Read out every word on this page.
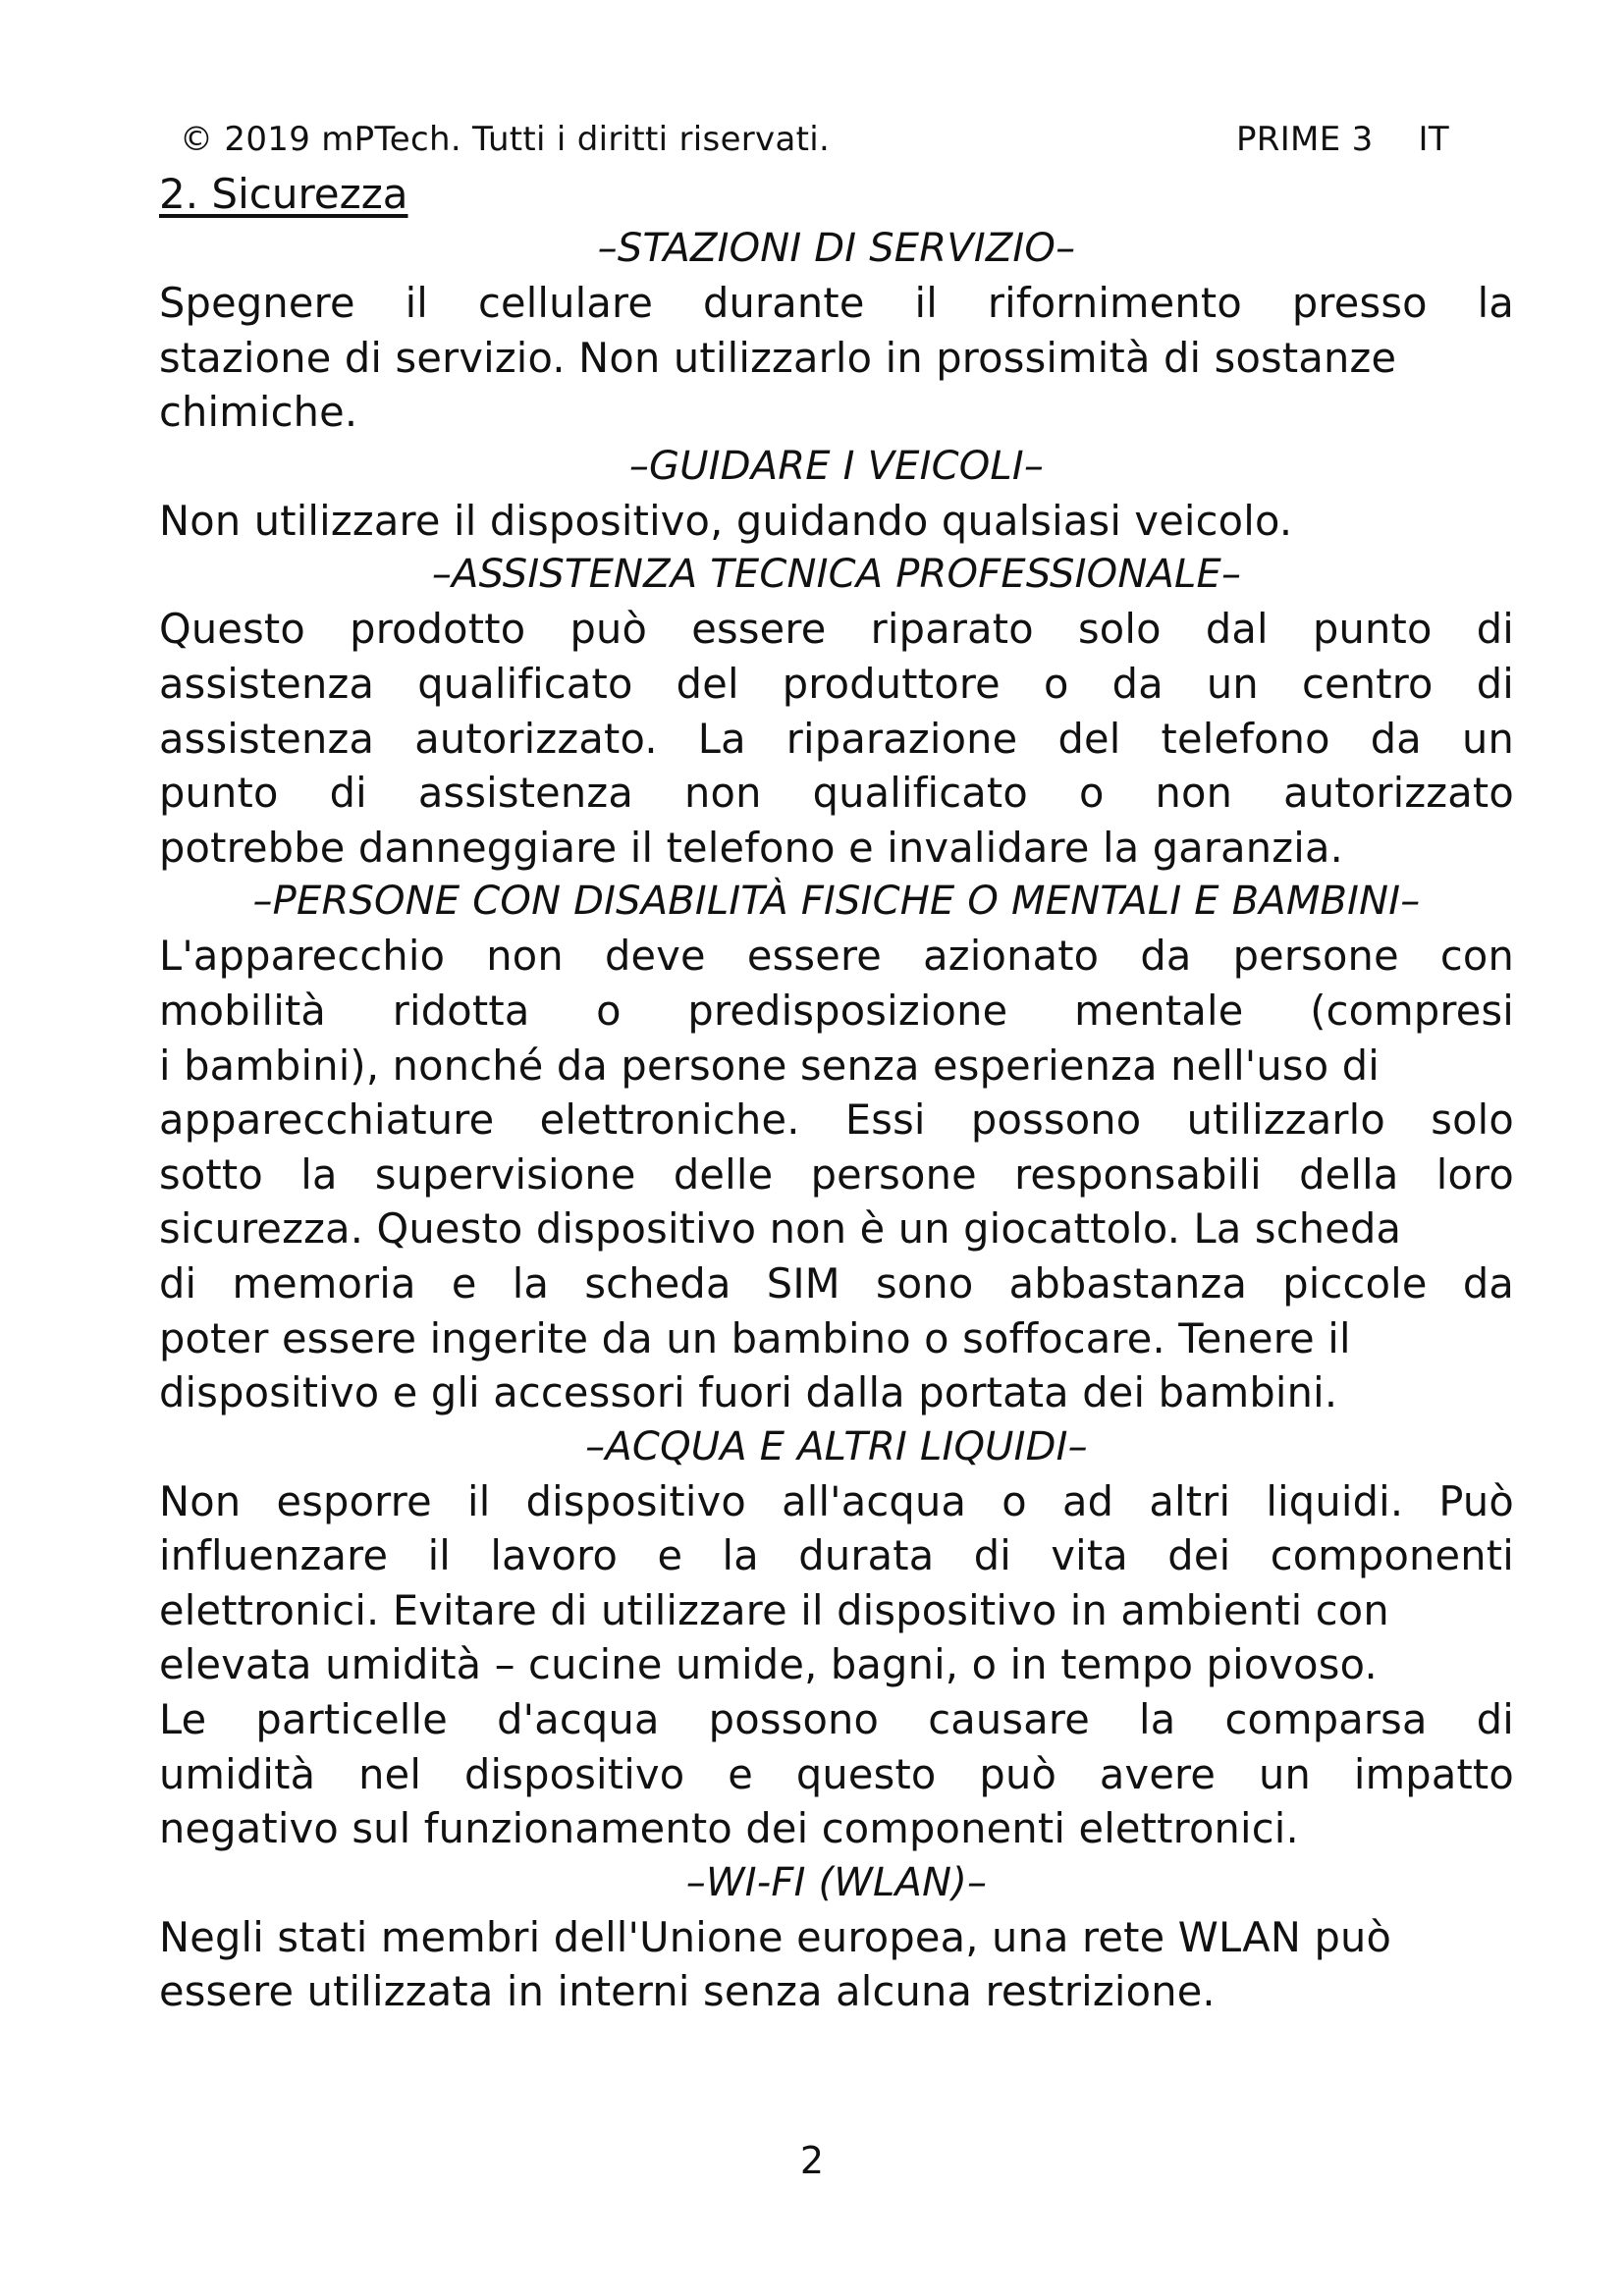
© 2019 mPTech. Tutti i diritti riservati.	PRIME 3 IT
2. Sicurezza
–STAZIONI DI SERVIZIO–

Spegnere il cellulare durante il rifornimento presso la
stazione di servizio. Non utilizzarlo in prossimità di sostanze
chimiche.

–GUIDARE I VEICOLI–

Non utilizzare il dispositivo, guidando qualsiasi veicolo.

–ASSISTENZA TECNICA PROFESSIONALE–

Questo prodotto può essere riparato solo dal punto di
assistenza qualificato del produttore o da un centro di
assistenza autorizzato. La riparazione del telefono da un
punto di assistenza non qualificato o non autorizzato
potrebbe danneggiare il telefono e invalidare la garanzia.

–PERSONE CON DISABILITÀ FISICHE O MENTALI E BAMBINI–

L'apparecchio non deve essere azionato da persone con
mobilità ridotta o predisposizione mentale (compresi
i bambini), nonché da persone senza esperienza nell'uso di
apparecchiature elettroniche. Essi possono utilizzarlo solo
sotto la supervisione delle persone responsabili della loro
sicurezza. Questo dispositivo non è un giocattolo. La scheda
di memoria e la scheda SIM sono abbastanza piccole da
poter essere ingerite da un bambino o soffocare. Tenere il
dispositivo e gli accessori fuori dalla portata dei bambini.

–ACQUA E ALTRI LIQUIDI–

Non esporre il dispositivo all'acqua o ad altri liquidi. Può
influenzare il lavoro e la durata di vita dei componenti
elettronici. Evitare di utilizzare il dispositivo in ambienti con
elevata umidità – cucine umide, bagni, o in tempo piovoso.
Le particelle d'acqua possono causare la comparsa di
umidità nel dispositivo e questo può avere un impatto
negativo sul funzionamento dei componenti elettronici.

–WI-FI (WLAN)–

Negli stati membri dell'Unione europea, una rete WLAN può
essere utilizzata in interni senza alcuna restrizione.

2
